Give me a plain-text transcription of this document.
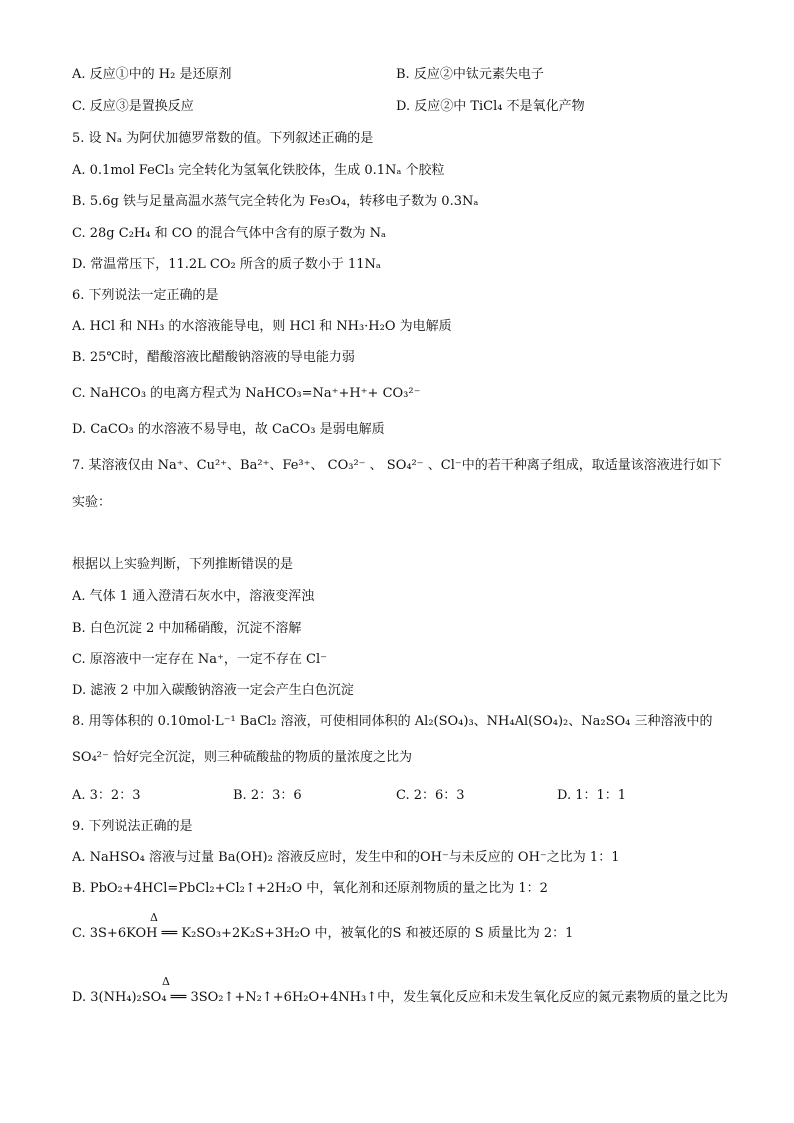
A. 反应①中的 H₂ 是还原剂	B. 反应②中钛元素失电子
C. 反应③是置换反应	D. 反应②中 TiCl₄ 不是氧化产物
5. 设 Nₐ 为阿伏加德罗常数的值。下列叙述正确的是
A. 0.1mol FeCl₃ 完全转化为氢氧化铁胶体，生成 0.1Nₐ 个胶粒
B. 5.6g 铁与足量高温水蒸气完全转化为 Fe₃O₄，转移电子数为 0.3Nₐ
C. 28g C₂H₄ 和 CO 的混合气体中含有的原子数为 Nₐ
D. 常温常压下，11.2L CO₂ 所含的质子数小于 11Nₐ
6. 下列说法一定正确的是
A. HCl 和 NH₃ 的水溶液能导电，则 HCl 和 NH₃·H₂O 为电解质
B. 25℃时，醋酸溶液比醋酸钠溶液的导电能力弱
C. NaHCO₃ 的电离方程式为 NaHCO₃=Na⁺+H⁺+ CO₃²⁻
D. CaCO₃ 的水溶液不易导电，故 CaCO₃ 是弱电解质
7. 某溶液仅由 Na⁺、Cu²⁺、Ba²⁺、Fe³⁺、 CO₃²⁻ 、 SO₄²⁻ 、Cl⁻中的若干种离子组成，取适量该溶液进行如下
实验：
根据以上实验判断，下列推断错误的是
A. 气体 1 通入澄清石灰水中，溶液变浑浊
B. 白色沉淀 2 中加稀硝酸，沉淀不溶解
C. 原溶液中一定存在 Na⁺，一定不存在 Cl⁻
D. 滤液 2 中加入碳酸钠溶液一定会产生白色沉淀
8. 用等体积的 0.10mol·L⁻¹ BaCl₂ 溶液，可使相同体积的 Al₂(SO₄)₃、NH₄Al(SO₄)₂、Na₂SO₄ 三种溶液中的
SO₄²⁻ 恰好完全沉淀，则三种硫酸盐的物质的量浓度之比为
A. 3：2：3	B. 2：3：6	C. 2：6：3	D. 1：1：1
9. 下列说法正确的是
A. NaHSO₄ 溶液与过量 Ba(OH)₂ 溶液反应时，发生中和的OH⁻与未反应的 OH⁻之比为 1：1
B. PbO₂+4HCl=PbCl₂+Cl₂↑+2H₂O 中，氧化剂和还原剂物质的量之比为 1：2
Δ
C. 3S+6KOH ══ K₂SO₃+2K₂S+3H₂O 中，被氧化的S 和被还原的 S 质量比为 2：1
Δ
D. 3(NH₄)₂SO₄ ══ 3SO₂↑+N₂↑+6H₂O+4NH₃↑中，发生氧化反应和未发生氧化反应的氮元素物质的量之比为
